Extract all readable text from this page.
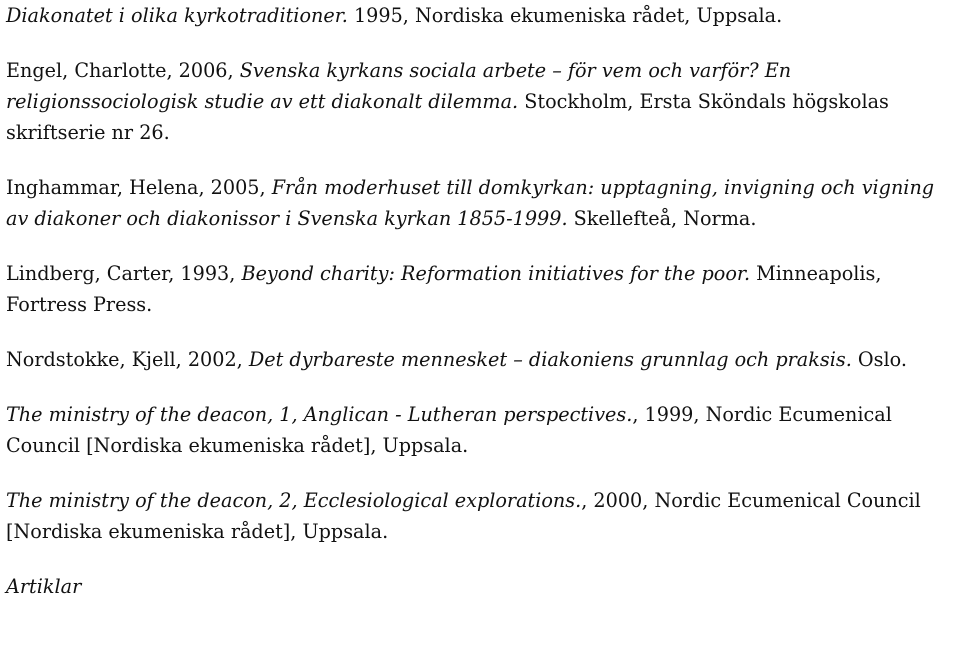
Diakonatet i olika kyrkotraditioner. 1995, Nordiska ekumeniska rådet, Uppsala.

Engel, Charlotte, 2006, Svenska kyrkans sociala arbete – för vem och varför? En religionssociologisk studie av ett diakonalt dilemma. Stockholm, Ersta Sköndals högskolas skriftserie nr 26.

Inghammar, Helena, 2005, Från moderhuset till domkyrkan: upptagning, invigning och vigning av diakoner och diakonissor i Svenska kyrkan 1855-1999. Skellefteå, Norma.

Lindberg, Carter, 1993, Beyond charity: Reformation initiatives for the poor. Minneapolis, Fortress Press.

Nordstokke, Kjell, 2002, Det dyrbareste mennesket – diakoniens grunnlag och praksis. Oslo.

The ministry of the deacon, 1, Anglican - Lutheran perspectives., 1999, Nordic Ecumenical Council [Nordiska ekumeniska rådet], Uppsala.

The ministry of the deacon, 2, Ecclesiological explorations., 2000, Nordic Ecumenical Council [Nordiska ekumeniska rådet], Uppsala.

Artiklar
